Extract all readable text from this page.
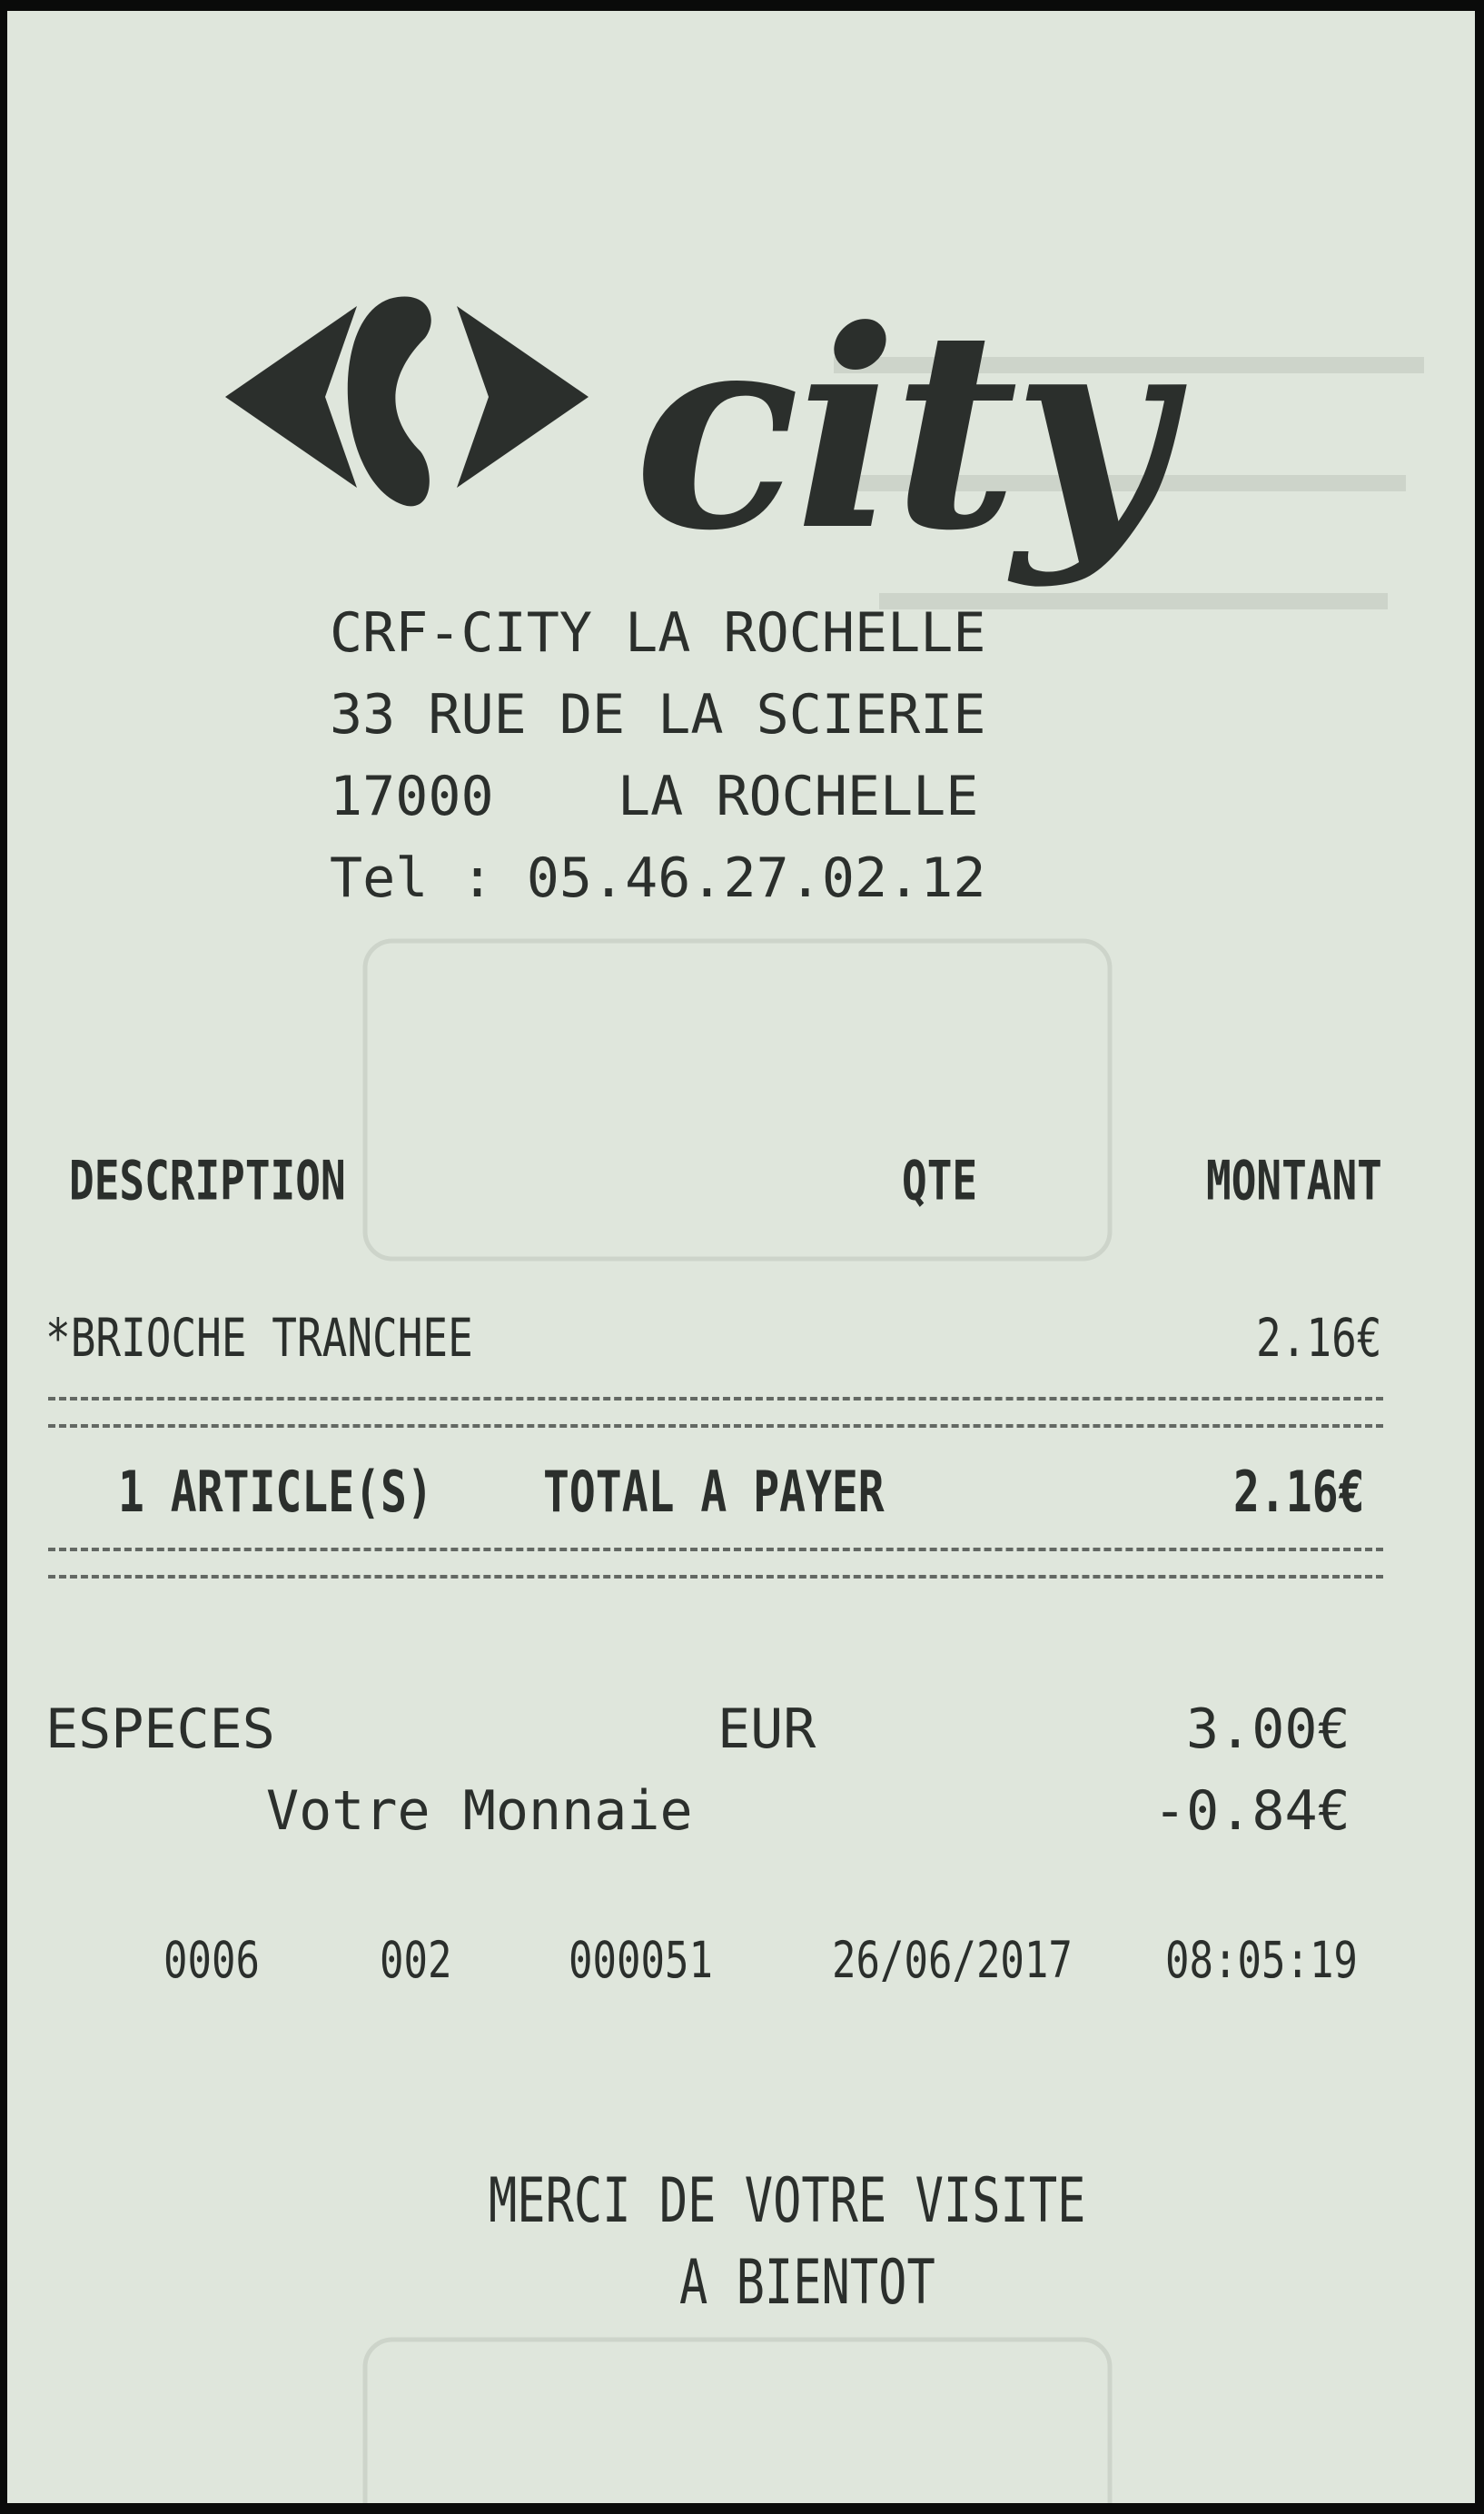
city
CRF-CITY LA ROCHELLE
33 RUE DE LA SCIERIE
17000 LA ROCHELLE
Tel : 05.46.27.02.12
DESCRIPTION	QTE	MONTANT
*BRIOCHE TRANCHEE	2.16€
1 ARTICLE(S)	TOTAL A PAYER	2.16€
ESPECES	EUR	3.00€
Votre Monnaie	-0.84€
0006	002	000051	26/06/2017 08:05:19
MERCI DE VOTRE VISITE
A BIENTOT
